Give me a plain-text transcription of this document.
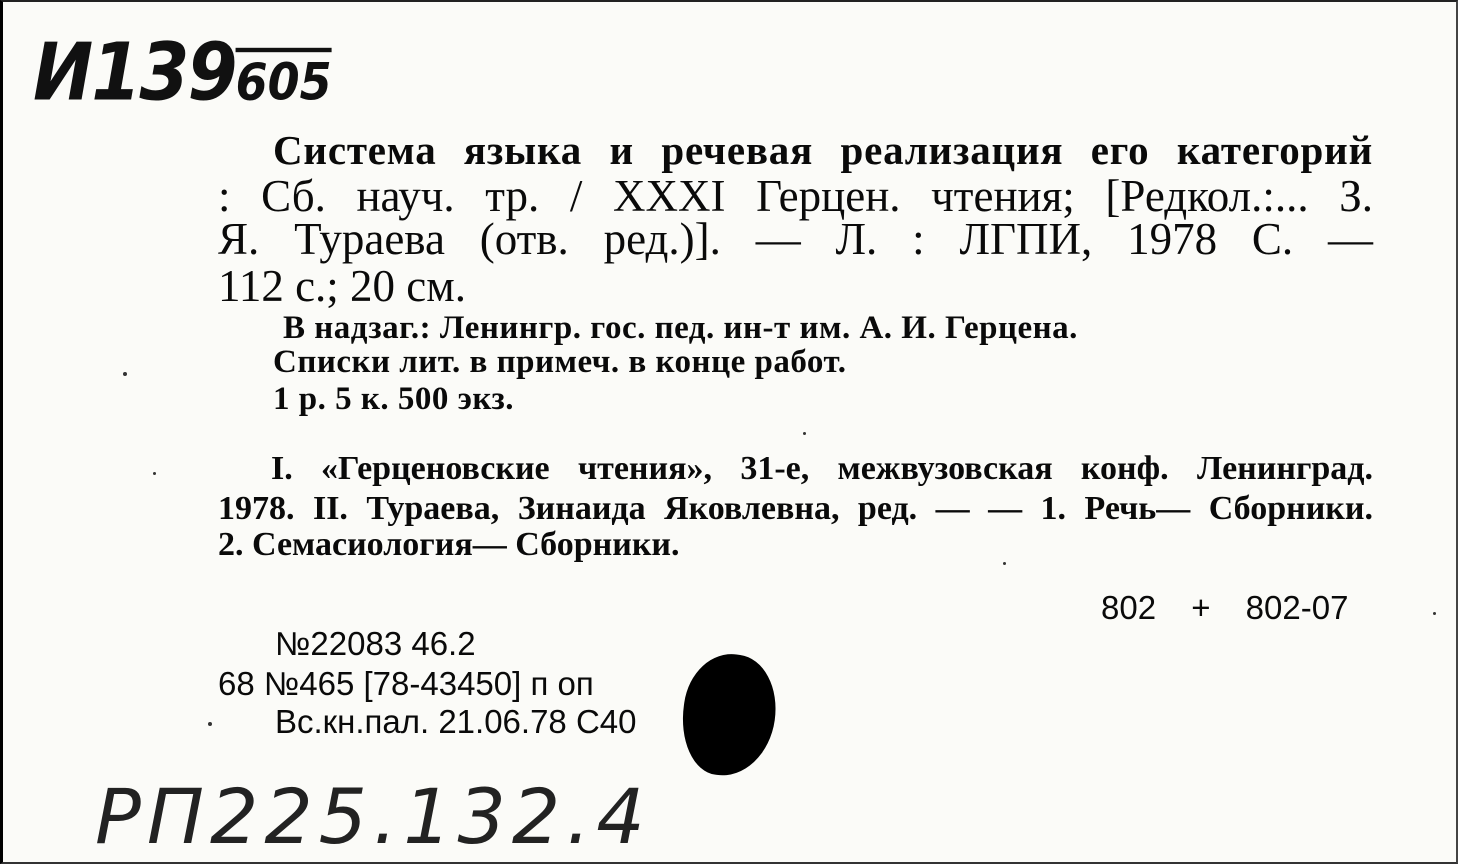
И139605
Система языка и речевая реализация его категорий
: Сб. науч. тр. / XXXI Герцен. чтения; [Редкол.:... З.
Я. Тураева (отв. ред.)]. — Л. : ЛГПИ, 1978 С. —
112 с.; 20 см.
В надзаг.: Ленингр. гос. пед. ин-т им. А. И. Герцена.
Списки лит. в примеч. в конце работ.
1 р. 5 к. 500 экз.
I. «Герценовские чтения», 31-е, межвузовская конф. Ленинград.
1978. II. Тураева, Зинаида Яковлевна, ред. — — 1. Речь— Сборники.
2. Семасиология— Сборники.
802 + 802-07
№22083 46.2
68 №465 [78-43450] п оп
Вс.кн.пал. 21.06.78 С40
РП225.132.4
